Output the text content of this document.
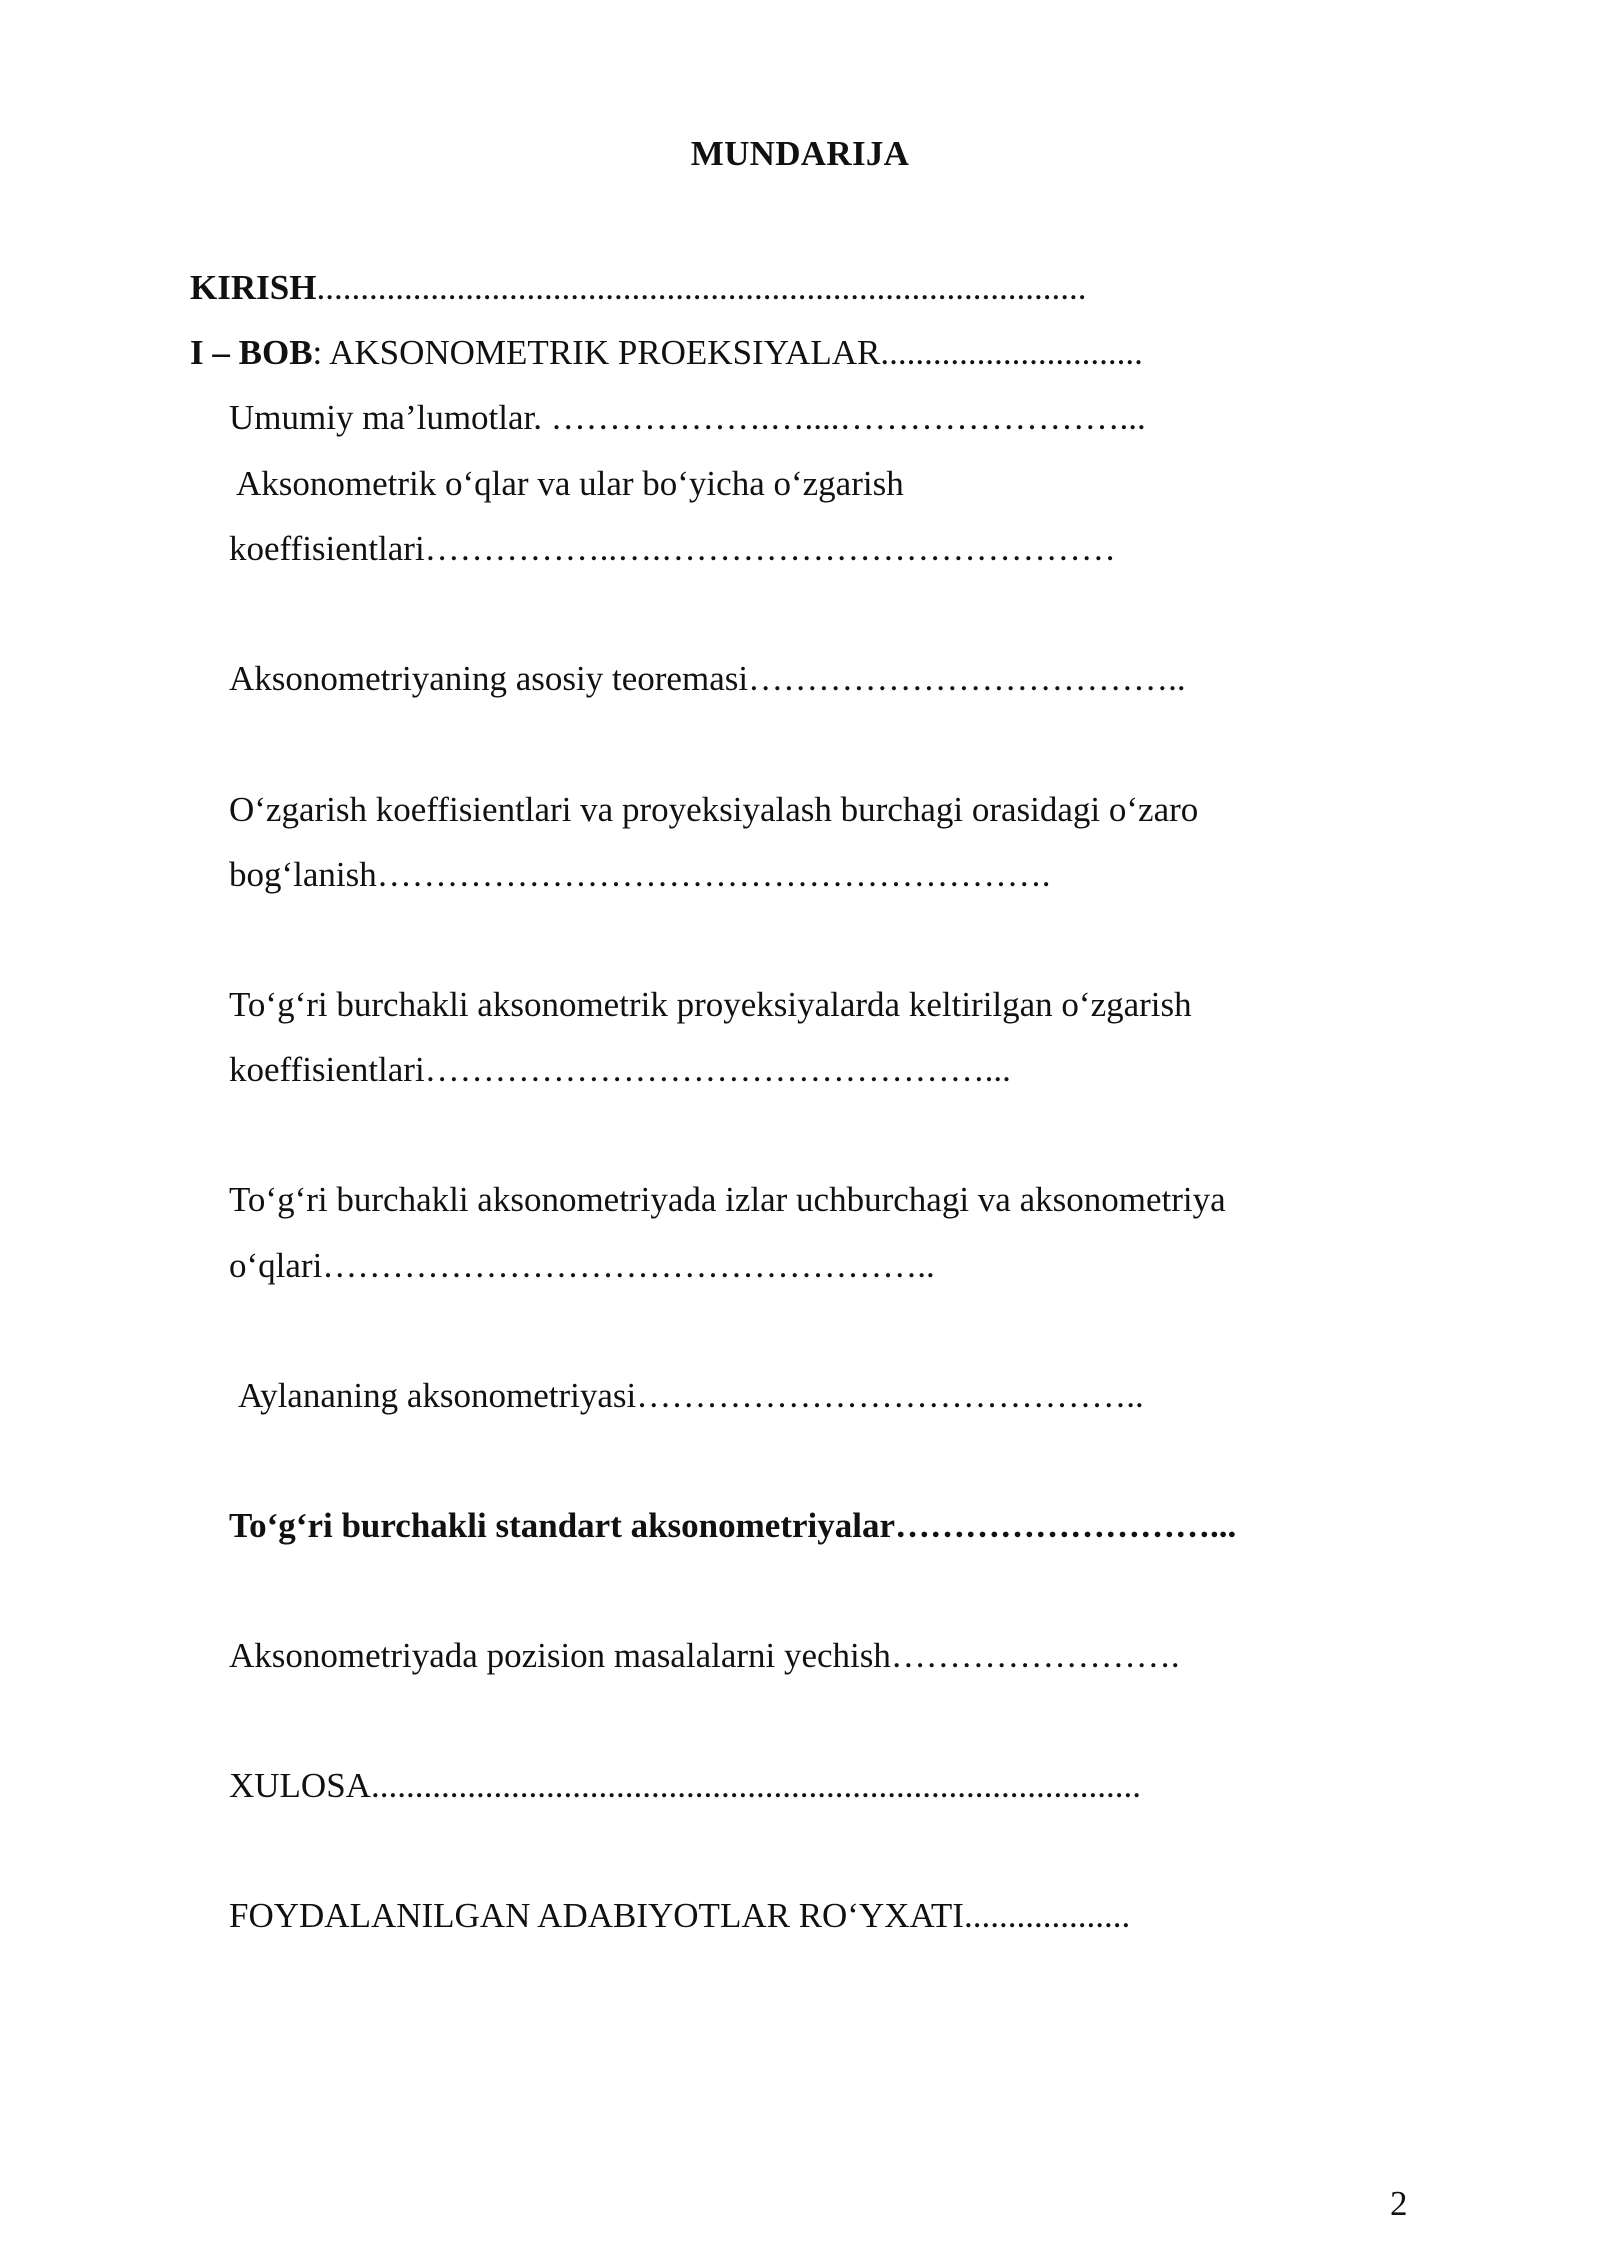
MUNDARIJA
KIRISH........................................................................................
I – BOB: AKSONOMETRIK PROEKSIYALAR..............................
Umumiy ma’lumotlar. ……………….…....……………………...
Aksonometrik o‘qlar va ular bo‘yicha o‘zgarish
koeffisientlari……………..….…………………………………
Aksonometriyaning asosiy teoremasi………………………………..
O‘zgarish koeffisientlari va proyeksiyalash burchagi orasidagi o‘zaro
bog‘lanish………………………………………………….
To‘g‘ri burchakli aksonometrik proyeksiyalarda keltirilgan o‘zgarish
koeffisientlari…………………………………………...
To‘g‘ri burchakli aksonometriyada izlar uchburchagi va aksonometriya
o‘qlari……………………………………………..
Aylananing aksonometriyasi……………………………………..
To‘g‘ri burchakli standart aksonometriyalar………………………...
Aksonometriyada pozision masalalarni yechish…………………….
XULOSA........................................................................................
FOYDALANILGAN ADABIYOTLAR RO‘YXATI...................
2
